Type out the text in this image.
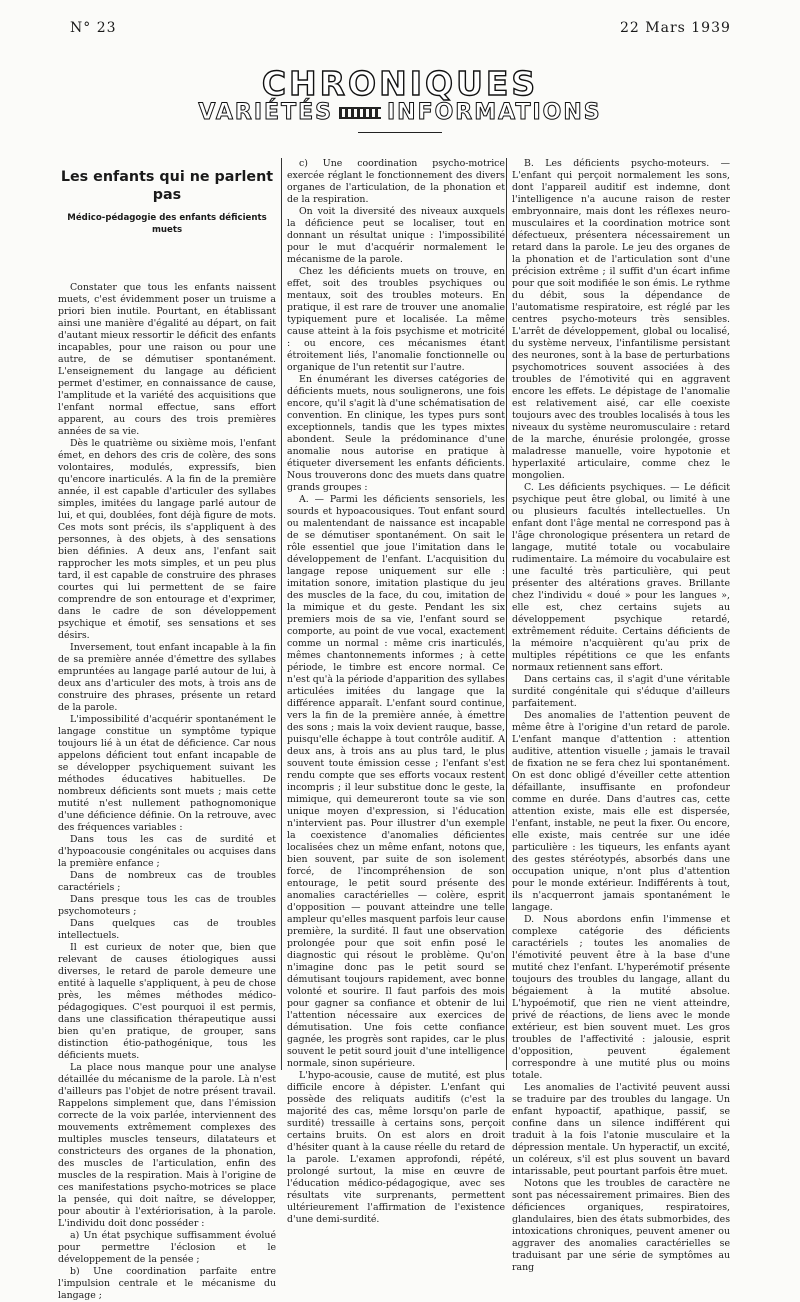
N° 23	22 Mars 1939
CHRONIQUES
VARIÉTÉS INFORMATIONS
Les enfants qui ne parlent pas
Médico-pédagogie des enfants déficients muets

Constater que tous les enfants naissent muets, c'est évidemment poser un truisme a priori bien inutile. Pourtant, en établissant ainsi une manière d'égalité au départ, on fait d'autant mieux ressortir le déficit des enfants incapables, pour une raison ou pour une autre, de se démutiser spontanément. L'enseignement du langage au déficient permet d'estimer, en connaissance de cause, l'amplitude et la variété des acquisitions que l'enfant normal effectue, sans effort apparent, au cours des trois premières années de sa vie.

Dès le quatrième ou sixième mois, l'enfant émet, en dehors des cris de colère, des sons volontaires, modulés, expressifs, bien qu'encore inarticulés. A la fin de la première année, il est capable d'articuler des syllabes simples, imitées du langage parlé autour de lui, et qui, doublées, font déjà figure de mots. Ces mots sont précis, ils s'appliquent à des personnes, à des objets, à des sensations bien définies. A deux ans, l'enfant sait rapprocher les mots simples, et un peu plus tard, il est capable de construire des phrases courtes qui lui permettent de se faire comprendre de son entourage et d'exprimer, dans le cadre de son développement psychique et émotif, ses sensations et ses désirs.

Inversement, tout enfant incapable à la fin de sa première année d'émettre des syllabes empruntées au langage parlé autour de lui, à deux ans d'articuler des mots, à trois ans de construire des phrases, présente un retard de la parole.

L'impossibilité d'acquérir spontanément le langage constitue un symptôme typique toujours lié à un état de déficience. Car nous appelons déficient tout enfant incapable de se développer psychiquement suivant les méthodes éducatives habituelles. De nombreux déficients sont muets ; mais cette mutité n'est nullement pathognomonique d'une déficience définie. On la retrouve, avec des fréquences variables :

Dans tous les cas de surdité et d'hypoacousie congénitales ou acquises dans la première enfance ;

Dans de nombreux cas de troubles caractériels ;

Dans presque tous les cas de troubles psychomoteurs ;

Dans quelques cas de troubles intellectuels.

Il est curieux de noter que, bien que relevant de causes étiologiques aussi diverses, le retard de parole demeure une entité à laquelle s'appliquent, à peu de chose près, les mêmes méthodes médico-pédagogiques. C'est pourquoi il est permis, dans une classification thérapeutique aussi bien qu'en pratique, de grouper, sans distinction étio-pathogénique, tous les déficients muets.

La place nous manque pour une analyse détaillée du mécanisme de la parole. Là n'est d'ailleurs pas l'objet de notre présent travail. Rappelons simplement que, dans l'émission correcte de la voix parlée, interviennent des mouvements extrêmement complexes des multiples muscles tenseurs, dilatateurs et constricteurs des organes de la phonation, des muscles de l'articulation, enfin des muscles de la respiration. Mais à l'origine de ces manifestations psycho-motrices se place la pensée, qui doit naître, se développer, pour aboutir à l'extériorisation, à la parole. L'individu doit donc posséder :

a) Un état psychique suffisamment évolué pour permettre l'éclosion et le développement de la pensée ;

b) Une coordination parfaite entre l'impulsion centrale et le mécanisme du langage ;

c) Une coordination psycho-motrice exercée réglant le fonctionnement des divers organes de l'articulation, de la phonation et de la respiration.

On voit la diversité des niveaux auxquels la déficience peut se localiser, tout en donnant un résultat unique : l'impossibilité pour le mut d'acquérir normalement le mécanisme de la parole.

Chez les déficients muets on trouve, en effet, soit des troubles psychiques ou mentaux, soit des troubles moteurs. En pratique, il est rare de trouver une anomalie typiquement pure et localisée. La même cause atteint à la fois psychisme et motricité : ou encore, ces mécanismes étant étroitement liés, l'anomalie fonctionnelle ou organique de l'un retentit sur l'autre.

En énumérant les diverses catégories de déficients muets, nous soulignerons, une fois encore, qu'il s'agit là d'une schématisation de convention. En clinique, les types purs sont exceptionnels, tandis que les types mixtes abondent. Seule la prédominance d'une anomalie nous autorise en pratique à étiqueter diversement les enfants déficients. Nous trouverons donc des muets dans quatre grands groupes :

A. — Parmi les déficients sensoriels, les sourds et hypoacousiques. Tout enfant sourd ou malentendant de naissance est incapable de se démutiser spontanément. On sait le rôle essentiel que joue l'imitation dans le développement de l'enfant. L'acquisition du langage repose uniquement sur elle : imitation sonore, imitation plastique du jeu des muscles de la face, du cou, imitation de la mimique et du geste. Pendant les six premiers mois de sa vie, l'enfant sourd se comporte, au point de vue vocal, exactement comme un normal : même cris inarticulés, mêmes chantonnements informes ; à cette période, le timbre est encore normal. Ce n'est qu'à la période d'apparition des syllabes articulées imitées du langage que la différence apparaît. L'enfant sourd continue, vers la fin de la première année, à émettre des sons ; mais la voix devient rauque, basse, puisqu'elle échappe à tout contrôle auditif. A deux ans, à trois ans au plus tard, le plus souvent toute émission cesse ; l'enfant s'est rendu compte que ses efforts vocaux restent incompris ; il leur substitue donc le geste, la mimique, qui demeureront toute sa vie son unique moyen d'expression, si l'éducation n'intervient pas. Pour illustrer d'un exemple la coexistence d'anomalies déficientes localisées chez un même enfant, notons que, bien souvent, par suite de son isolement forcé, de l'incompréhension de son entourage, le petit sourd présente des anomalies caractérielles — colère, esprit d'opposition — pouvant atteindre une telle ampleur qu'elles masquent parfois leur cause première, la surdité. Il faut une observation prolongée pour que soit enfin posé le diagnostic qui résout le problème. Qu'on n'imagine donc pas le petit sourd se démutisant toujours rapidement, avec bonne volonté et sourire. Il faut parfois des mois pour gagner sa confiance et obtenir de lui l'attention nécessaire aux exercices de démutisation. Une fois cette confiance gagnée, les progrès sont rapides, car le plus souvent le petit sourd jouit d'une intelligence normale, sinon supérieure.

L'hypo-acousie, cause de mutité, est plus difficile encore à dépister. L'enfant qui possède des reliquats auditifs (c'est la majorité des cas, même lorsqu'on parle de surdité) tressaille à certains sons, perçoit certains bruits. On est alors en droit d'hésiter quant à la cause réelle du retard de la parole. L'examen approfondi, répété, prolongé surtout, la mise en œuvre de l'éducation médico-pédagogique, avec ses résultats vite surprenants, permettent ultérieurement l'affirmation de l'existence d'une demi-surdité.

B. Les déficients psycho-moteurs. — L'enfant qui perçoit normalement les sons, dont l'appareil auditif est indemne, dont l'intelligence n'a aucune raison de rester embryonnaire, mais dont les réflexes neuro-musculaires et la coordination motrice sont défectueux, présentera nécessairement un retard dans la parole. Le jeu des organes de la phonation et de l'articulation sont d'une précision extrême ; il suffit d'un écart infime pour que soit modifiée le son émis. Le rythme du débit, sous la dépendance de l'automatisme respiratoire, est réglé par les centres psycho-moteurs très sensibles. L'arrêt de développement, global ou localisé, du système nerveux, l'infantilisme persistant des neurones, sont à la base de perturbations psychomotrices souvent associées à des troubles de l'émotivité qui en aggravent encore les effets. Le dépistage de l'anomalie est relativement aisé, car elle coexiste toujours avec des troubles localisés à tous les niveaux du système neuromusculaire : retard de la marche, énurésie prolongée, grosse maladresse manuelle, voire hypotonie et hyperlaxité articulaire, comme chez le mongolien.

C. Les déficients psychiques. — Le déficit psychique peut être global, ou limité à une ou plusieurs facultés intellectuelles. Un enfant dont l'âge mental ne correspond pas à l'âge chronologique présentera un retard de langage, mutité totale ou vocabulaire rudimentaire. La mémoire du vocabulaire est une faculté très particulière, qui peut présenter des altérations graves. Brillante chez l'individu « doué » pour les langues », elle est, chez certains sujets au développement psychique retardé, extrêmement réduite. Certains déficients de la mémoire n'acquièrent qu'au prix de multiples répétitions ce que les enfants normaux retiennent sans effort.

Dans certains cas, il s'agit d'une véritable surdité congénitale qui s'éduque d'ailleurs parfaitement.

Des anomalies de l'attention peuvent de même être à l'origine d'un retard de parole. L'enfant manque d'attention : attention auditive, attention visuelle ; jamais le travail de fixation ne se fera chez lui spontanément. On est donc obligé d'éveiller cette attention défaillante, insuffisante en profondeur comme en durée. Dans d'autres cas, cette attention existe, mais elle est dispersée, l'enfant, instable, ne peut la fixer. Ou encore, elle existe, mais centrée sur une idée particulière : les tiqueurs, les enfants ayant des gestes stéréotypés, absorbés dans une occupation unique, n'ont plus d'attention pour le monde extérieur. Indifférents à tout, ils n'acquerront jamais spontanément le langage.

D. Nous abordons enfin l'immense et complexe catégorie des déficients caractériels ; toutes les anomalies de l'émotivité peuvent être à la base d'une mutité chez l'enfant. L'hyperémotif présente toujours des troubles du langage, allant du bégaiement à la mutité absolue. L'hypoémotif, que rien ne vient atteindre, privé de réactions, de liens avec le monde extérieur, est bien souvent muet. Les gros troubles de l'affectivité : jalousie, esprit d'opposition, peuvent également correspondre à une mutité plus ou moins totale.

Les anomalies de l'activité peuvent aussi se traduire par des troubles du langage. Un enfant hypoactif, apathique, passif, se confine dans un silence indifférent qui traduit à la fois l'atonie musculaire et la dépression mentale. Un hyperactif, un excité, un coléreux, s'il est plus souvent un bavard intarissable, peut pourtant parfois être muet.

Notons que les troubles de caractère ne sont pas nécessairement primaires. Bien des déficiences organiques, respiratoires, glandulaires, bien des états submorbides, des intoxications chroniques, peuvent amener ou aggraver des anomalies caractérielles se traduisant par une série de symptômes au rang
